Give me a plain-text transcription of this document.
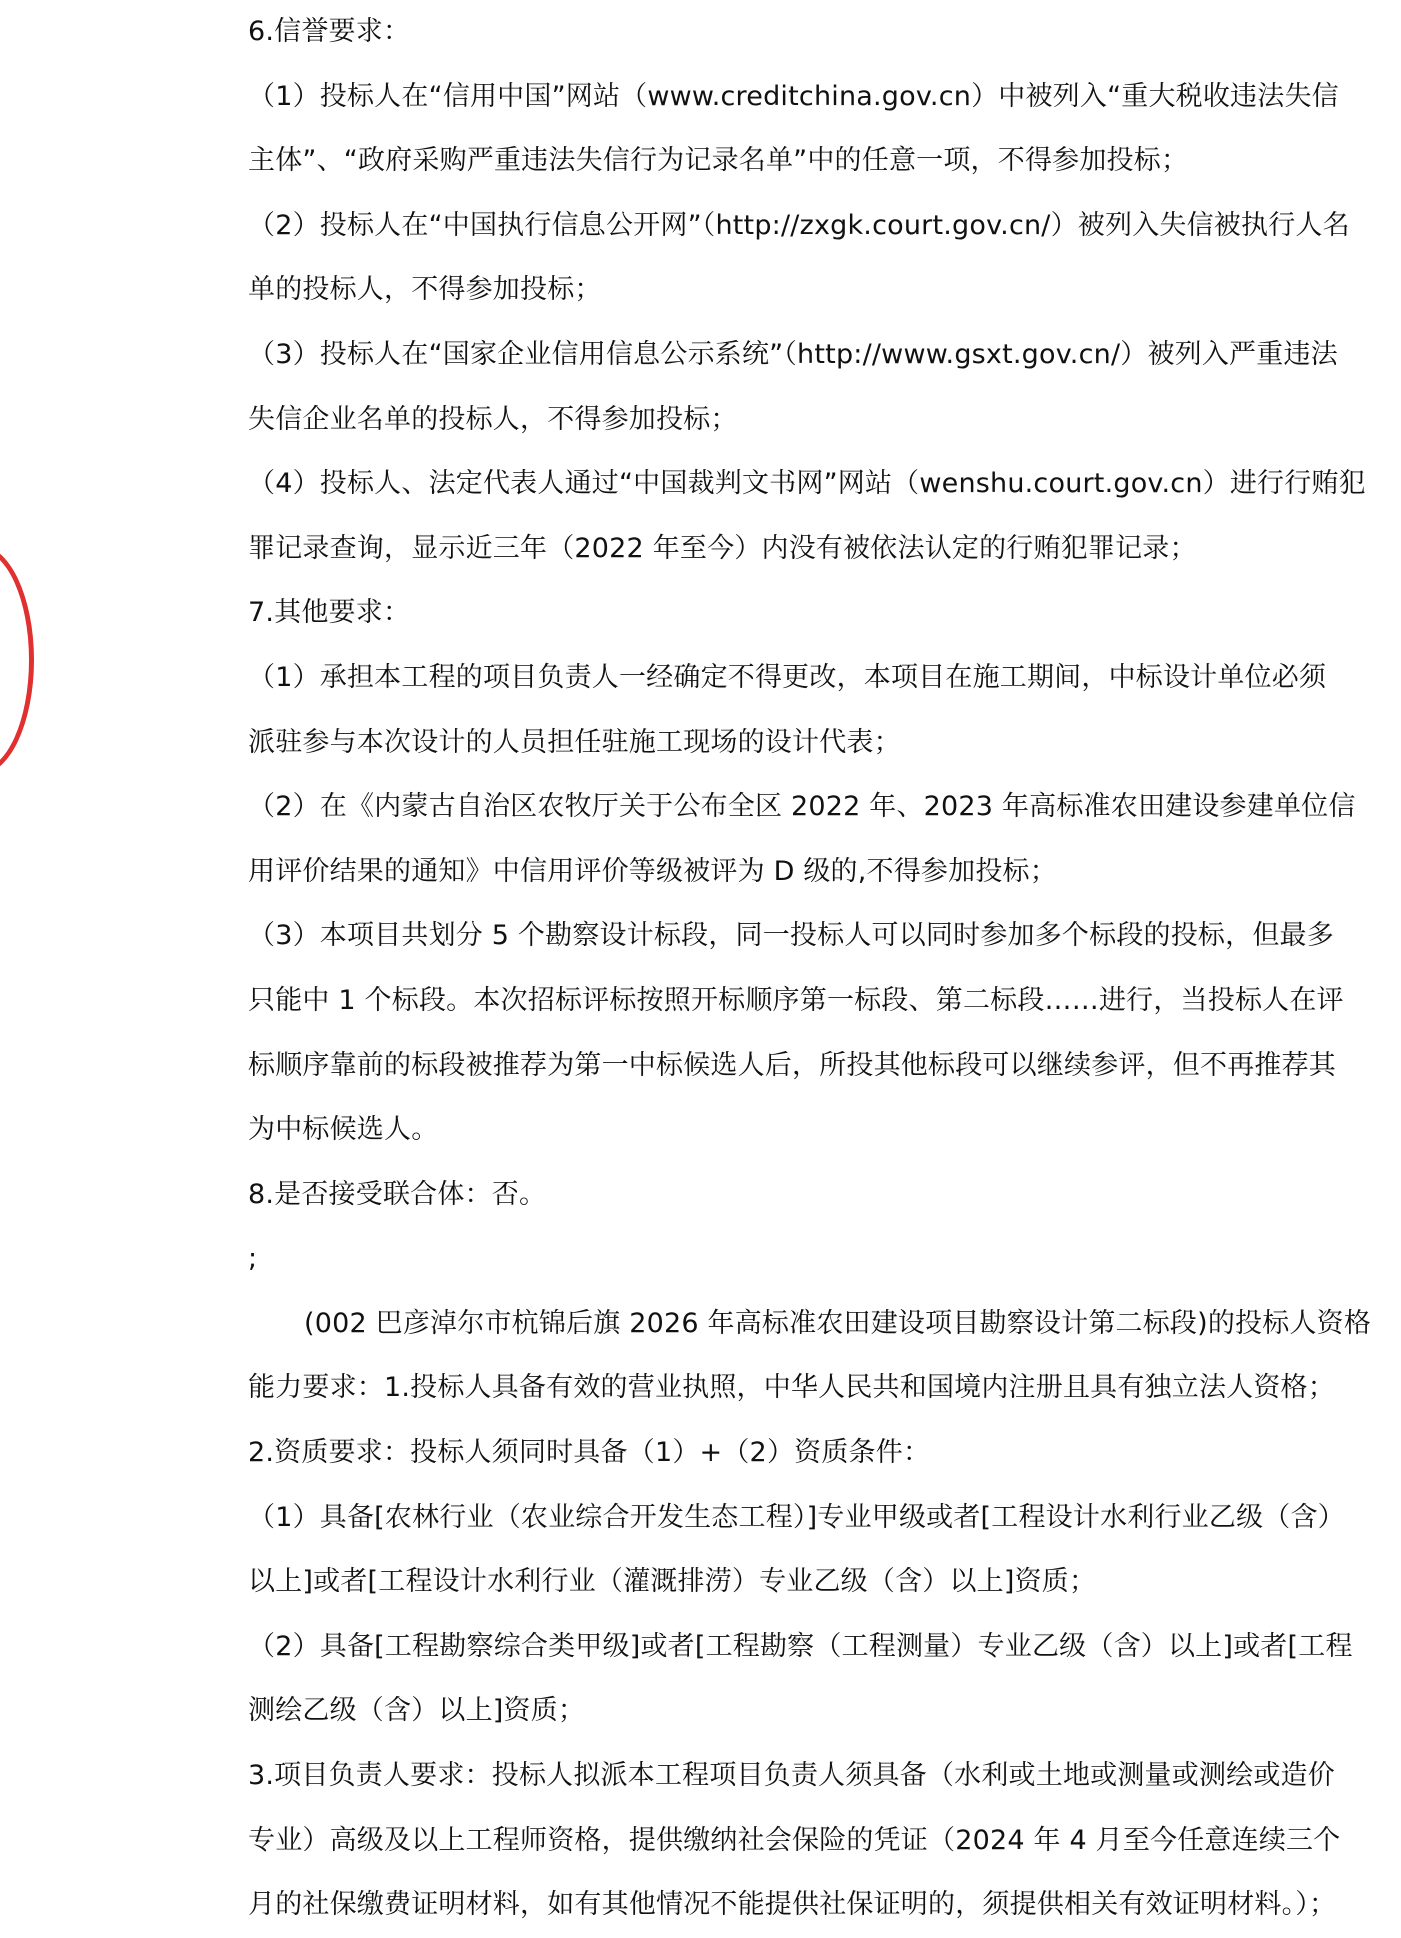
6.信誉要求：
（1）投标人在“信用中国”网站（www.creditchina.gov.cn）中被列入“重大税收违法失信
主体”、“政府采购严重违法失信行为记录名单”中的任意一项，不得参加投标；
（2）投标人在“中国执行信息公开网”（http://zxgk.court.gov.cn/）被列入失信被执行人名
单的投标人，不得参加投标；
（3）投标人在“国家企业信用信息公示系统”（http://www.gsxt.gov.cn/）被列入严重违法
失信企业名单的投标人，不得参加投标；
（4）投标人、法定代表人通过“中国裁判文书网”网站（wenshu.court.gov.cn）进行行贿犯
罪记录查询，显示近三年（2022 年至今）内没有被依法认定的行贿犯罪记录；
7.其他要求：
（1）承担本工程的项目负责人一经确定不得更改，本项目在施工期间，中标设计单位必须
派驻参与本次设计的人员担任驻施工现场的设计代表；
（2）在《内蒙古自治区农牧厅关于公布全区 2022 年、2023 年高标准农田建设参建单位信
用评价结果的通知》中信用评价等级被评为 D 级的,不得参加投标；
（3）本项目共划分 5 个勘察设计标段，同一投标人可以同时参加多个标段的投标，但最多
只能中 1 个标段。本次招标评标按照开标顺序第一标段、第二标段……进行，当投标人在评
标顺序靠前的标段被推荐为第一中标候选人后，所投其他标段可以继续参评，但不再推荐其
为中标候选人。
8.是否接受联合体：否。
;
(002 巴彦淖尔市杭锦后旗 2026 年高标准农田建设项目勘察设计第二标段)的投标人资格
能力要求：1.投标人具备有效的营业执照，中华人民共和国境内注册且具有独立法人资格；
2.资质要求：投标人须同时具备（1）+（2）资质条件：
（1）具备[农林行业（农业综合开发生态工程）]专业甲级或者[工程设计水利行业乙级（含）
以上]或者[工程设计水利行业（灌溉排涝）专业乙级（含）以上]资质；
（2）具备[工程勘察综合类甲级]或者[工程勘察（工程测量）专业乙级（含）以上]或者[工程
测绘乙级（含）以上]资质；
3.项目负责人要求：投标人拟派本工程项目负责人须具备（水利或土地或测量或测绘或造价
专业）高级及以上工程师资格，提供缴纳社会保险的凭证（2024 年 4 月至今任意连续三个
月的社保缴费证明材料，如有其他情况不能提供社保证明的，须提供相关有效证明材料。）；
